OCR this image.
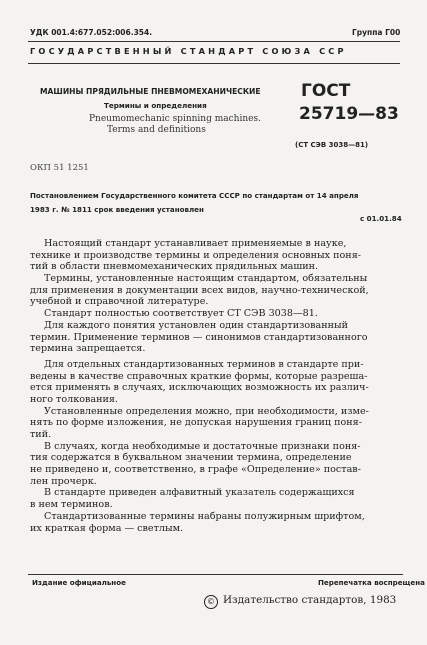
УДК 001.4:677.052:006.354.	Группа Г00
ГОСУДАРСТВЕННЫЙ СТАНДАРТ СОЮЗА ССР
МАШИНЫ ПРЯДИЛЬНЫЕ ПНЕВМОМЕХАНИЧЕСКИЕ
Термины и определения
Pneumomechanic spinning machines.
Terms and definitions
ГОСТ
25719—83
(СТ СЭВ 3038—81)
ОКП 51 1251
Постановлением Государственного комитета СССР по стандартам от 14 апреля
1983 г. № 1811 срок введения установлен
с 01.01.84
Настоящий стандарт устанавливает применяемые в науке,
технике и производстве термины и определения основных поня-
тий в области пневмомеханических прядильных машин.
Термины, установленные настоящим стандартом, обязательны
для применения в документации всех видов, научно-технической,
учебной и справочной литературе.
Стандарт полностью соответствует СТ СЭВ 3038—81.
Для каждого понятия установлен один стандартизованный
термин. Применение терминов — синонимов стандартизованного
термина запрещается.
Для отдельных стандартизованных терминов в стандарте при-
ведены в качестве справочных краткие формы, которые разреша-
ется применять в случаях, исключающих возможность их различ-
ного толкования.
Установленные определения можно, при необходимости, изме-
нять по форме изложения, не допуская нарушения границ поня-
тий.
В случаях, когда необходимые и достаточные признаки поня-
тия содержатся в буквальном значении термина, определение
не приведено и, соответственно, в графе «Определение» постав-
лен прочерк.
В стандарте приведен алфавитный указатель содержащихся
в нем терминов.
Стандартизованные термины набраны полужирным шрифтом,
их краткая форма — светлым.
Издание официальное	Перепечатка воспрещена
© Издательство стандартов, 1983
